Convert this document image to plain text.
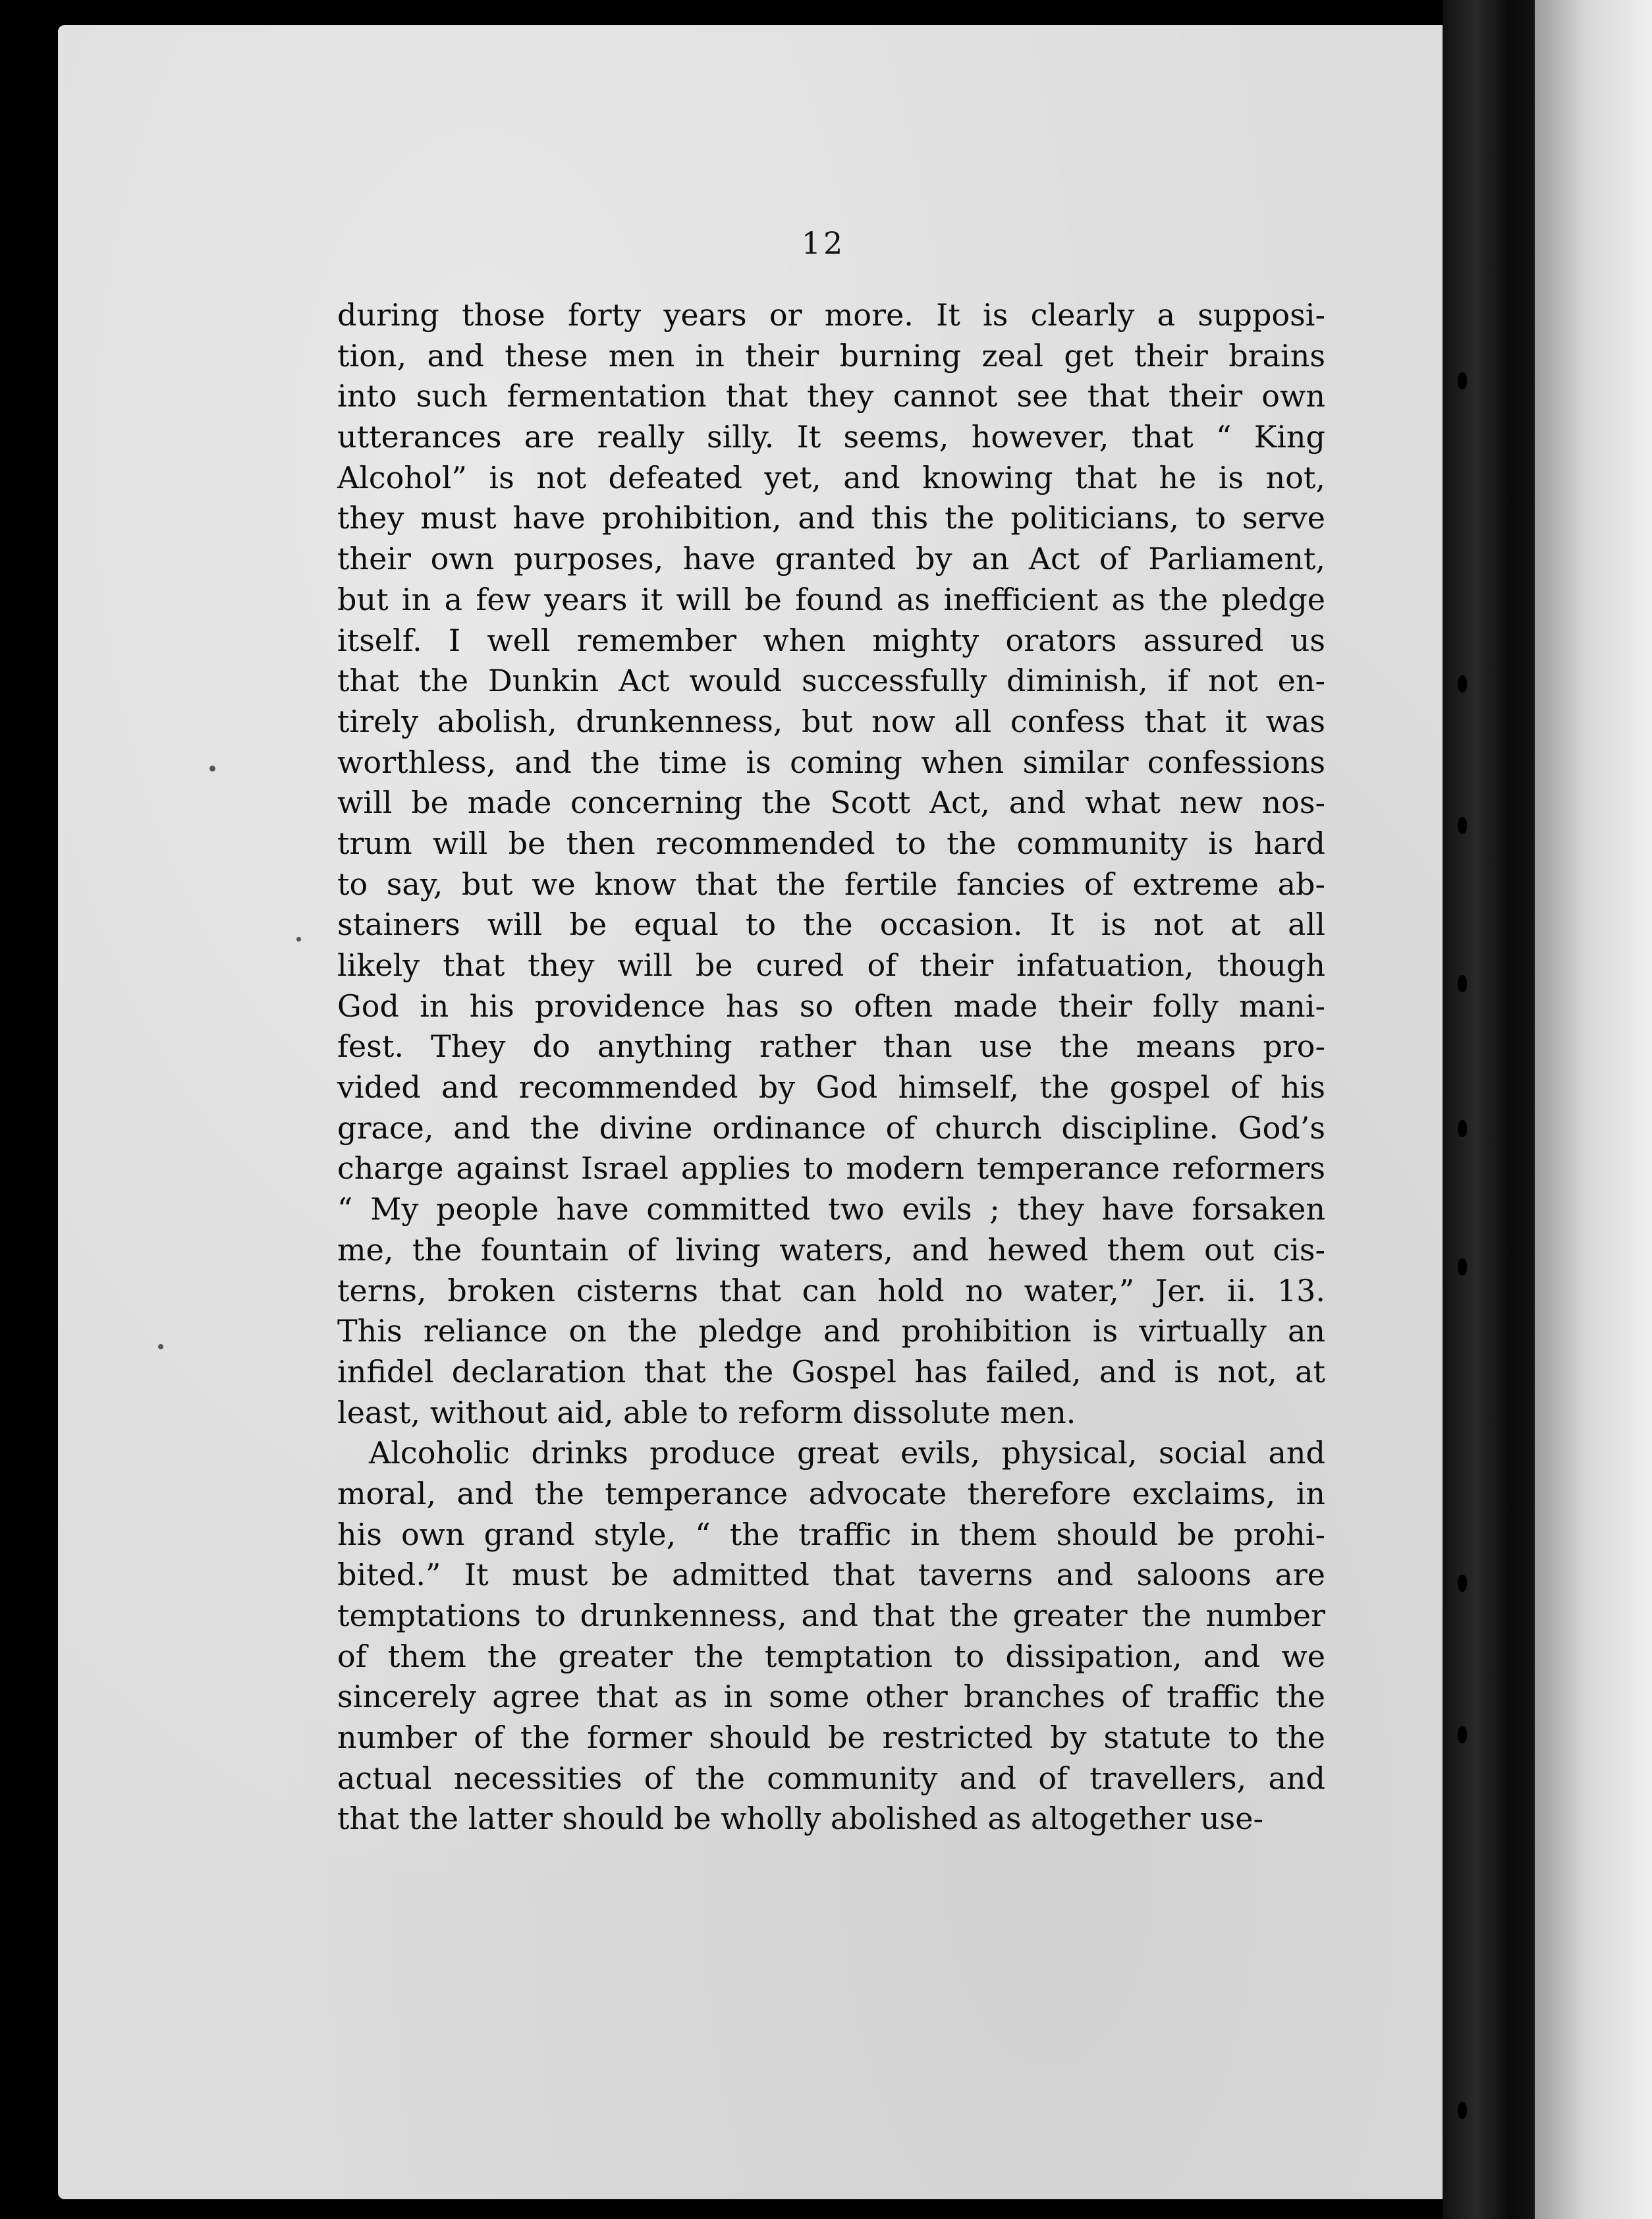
12
during those forty years or more. It is clearly a supposi-
tion, and these men in their burning zeal get their brains
into such fermentation that they cannot see that their own
utterances are really silly. It seems, however, that “ King
Alcohol” is not defeated yet, and knowing that he is not,
they must have prohibition, and this the politicians, to serve
their own purposes, have granted by an Act of Parliament,
but in a few years it will be found as inefficient as the pledge
itself. I well remember when mighty orators assured us
that the Dunkin Act would successfully diminish, if not en-
tirely abolish, drunkenness, but now all confess that it was
worthless, and the time is coming when similar confessions
will be made concerning the Scott Act, and what new nos-
trum will be then recommended to the community is hard
to say, but we know that the fertile fancies of extreme ab-
stainers will be equal to the occasion. It is not at all
likely that they will be cured of their infatuation, though
God in his providence has so often made their folly mani-
fest. They do anything rather than use the means pro-
vided and recommended by God himself, the gospel of his
grace, and the divine ordinance of church discipline. God’s
charge against Israel applies to modern temperance reformers
“ My people have committed two evils ; they have forsaken
me, the fountain of living waters, and hewed them out cis-
terns, broken cisterns that can hold no water,” Jer. ii. 13.
This reliance on the pledge and prohibition is virtually an
infidel declaration that the Gospel has failed, and is not, at
least, without aid, able to reform dissolute men.
Alcoholic drinks produce great evils, physical, social and
moral, and the temperance advocate therefore exclaims, in
his own grand style, “ the traffic in them should be prohi-
bited.” It must be admitted that taverns and saloons are
temptations to drunkenness, and that the greater the number
of them the greater the temptation to dissipation, and we
sincerely agree that as in some other branches of traffic the
number of the former should be restricted by statute to the
actual necessities of the community and of travellers, and
that the latter should be wholly abolished as altogether use-
